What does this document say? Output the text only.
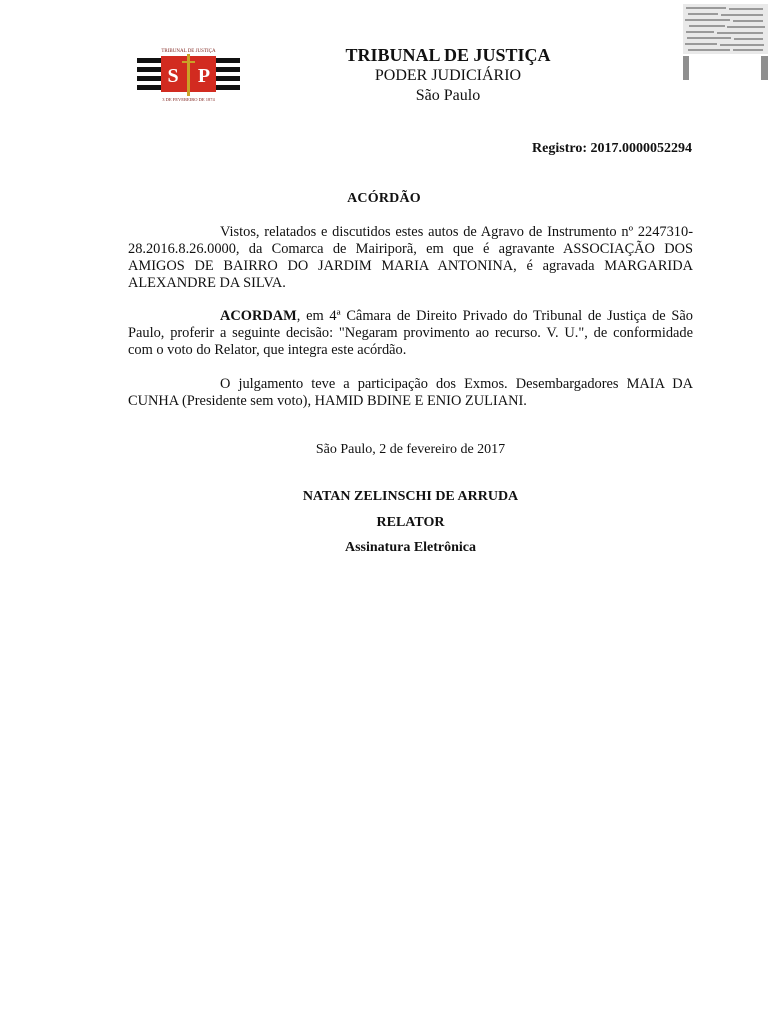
S P
TRIBUNAL DE JUSTIÇA
3 DE FEVEREIRO DE 1874
TRIBUNAL DE JUSTIÇA
PODER JUDICIÁRIO
São Paulo
Registro: 2017.0000052294
ACÓRDÃO

Vistos, relatados e discutidos estes autos de Agravo de Instrumento nº 2247310-28.2016.8.26.0000, da Comarca de Mairiporã, em que é agravante ASSOCIAÇÃO DOS AMIGOS DE BAIRRO DO JARDIM MARIA ANTONINA, é agravada MARGARIDA ALEXANDRE DA SILVA.

ACORDAM, em 4ª Câmara de Direito Privado do Tribunal de Justiça de São Paulo, proferir a seguinte decisão: "Negaram provimento ao recurso. V. U.", de conformidade com o voto do Relator, que integra este acórdão.

O julgamento teve a participação dos Exmos. Desembargadores MAIA DA CUNHA (Presidente sem voto), HAMID BDINE E ENIO ZULIANI.

São Paulo, 2 de fevereiro de 2017
NATAN ZELINSCHI DE ARRUDA
RELATOR
Assinatura Eletrônica
